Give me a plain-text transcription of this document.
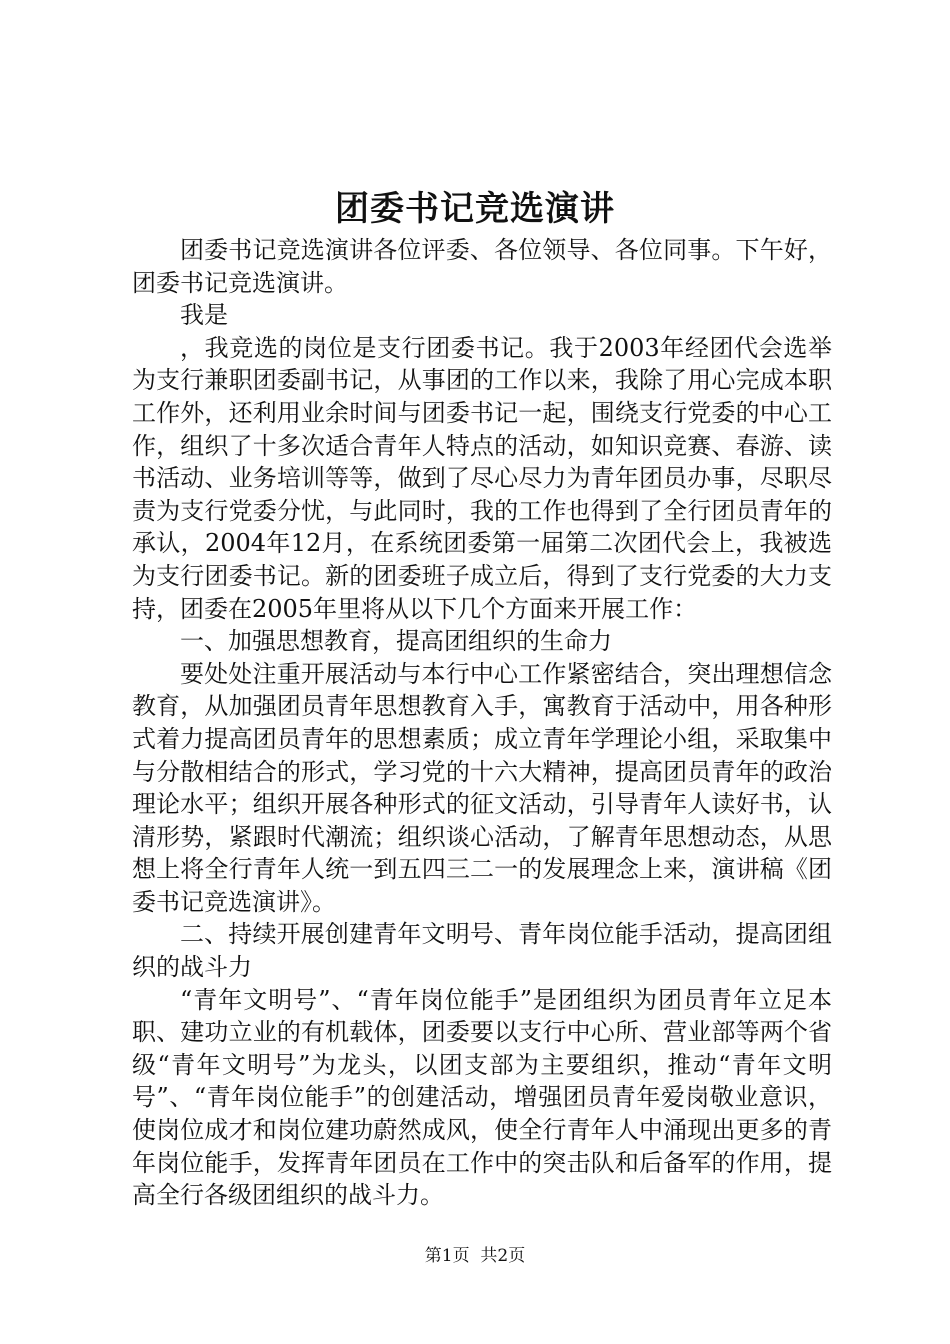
团委书记竞选演讲

团委书记竞选演讲各位评委、各位领导、各位同事。下午好，团委书记竞选演讲。

我是

，我竞选的岗位是支行团委书记。我于2003年经团代会选举为支行兼职团委副书记，从事团的工作以来，我除了用心完成本职工作外，还利用业余时间与团委书记一起，围绕支行党委的中心工作，组织了十多次适合青年人特点的活动，如知识竞赛、春游、读书活动、业务培训等等，做到了尽心尽力为青年团员办事，尽职尽责为支行党委分忧，与此同时，我的工作也得到了全行团员青年的承认，2004年12月，在系统团委第一届第二次团代会上，我被选为支行团委书记。新的团委班子成立后，得到了支行党委的大力支持，团委在2005年里将从以下几个方面来开展工作：

一、加强思想教育，提高团组织的生命力

要处处注重开展活动与本行中心工作紧密结合，突出理想信念教育，从加强团员青年思想教育入手，寓教育于活动中，用各种形式着力提高团员青年的思想素质；成立青年学理论小组，采取集中与分散相结合的形式，学习党的十六大精神，提高团员青年的政治理论水平；组织开展各种形式的征文活动，引导青年人读好书，认清形势，紧跟时代潮流；组织谈心活动，了解青年思想动态，从思想上将全行青年人统一到五四三二一的发展理念上来，演讲稿《团委书记竞选演讲》。

二、持续开展创建青年文明号、青年岗位能手活动，提高团组织的战斗力

“青年文明号”、“青年岗位能手”是团组织为团员青年立足本职、建功立业的有机载体，团委要以支行中心所、营业部等两个省级“青年文明号”为龙头，以团支部为主要组织，推动“青年文明号”、“青年岗位能手”的创建活动，增强团员青年爱岗敬业意识，使岗位成才和岗位建功蔚然成风，使全行青年人中涌现出更多的青年岗位能手，发挥青年团员在工作中的突击队和后备军的作用，提高全行各级团组织的战斗力。

第1页 共2页
